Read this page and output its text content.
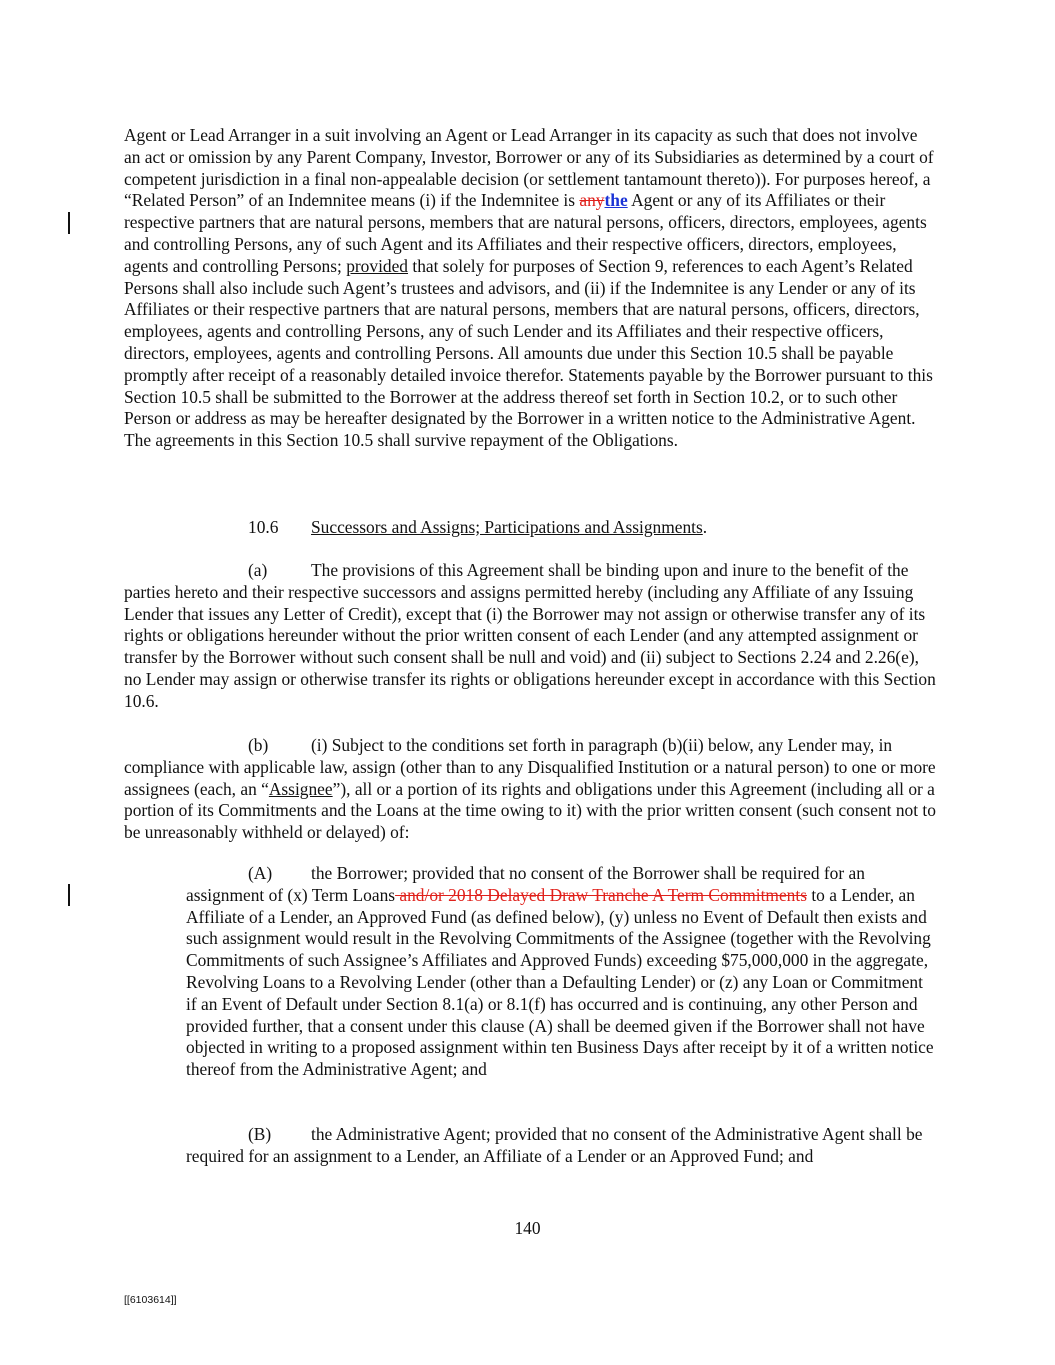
Agent or Lead Arranger in a suit involving an Agent or Lead Arranger in its capacity as such that does not involve an act or omission by any Parent Company, Investor, Borrower or any of its Subsidiaries as determined by a court of competent jurisdiction in a final non-appealable decision (or settlement tantamount thereto)). For purposes hereof, a “Related Person” of an Indemnitee means (i) if the Indemnitee is anythe Agent or any of its Affiliates or their respective partners that are natural persons, members that are natural persons, officers, directors, employees, agents and controlling Persons, any of such Agent and its Affiliates and their respective officers, directors, employees, agents and controlling Persons; provided that solely for purposes of Section 9, references to each Agent’s Related Persons shall also include such Agent’s trustees and advisors, and (ii) if the Indemnitee is any Lender or any of its Affiliates or their respective partners that are natural persons, members that are natural persons, officers, directors, employees, agents and controlling Persons, any of such Lender and its Affiliates and their respective officers, directors, employees, agents and controlling Persons. All amounts due under this Section 10.5 shall be payable promptly after receipt of a reasonably detailed invoice therefor. Statements payable by the Borrower pursuant to this Section 10.5 shall be submitted to the Borrower at the address thereof set forth in Section 10.2, or to such other Person or address as may be hereafter designated by the Borrower in a written notice to the Administrative Agent. The agreements in this Section 10.5 shall survive repayment of the Obligations.

10.6 Successors and Assigns; Participations and Assignments.

(a)	The provisions of this Agreement shall be binding upon and inure to the benefit of the parties hereto and their respective successors and assigns permitted hereby (including any Affiliate of any Issuing Lender that issues any Letter of Credit), except that (i) the Borrower may not assign or otherwise transfer any of its rights or obligations hereunder without the prior written consent of each Lender (and any attempted assignment or transfer by the Borrower without such consent shall be null and void) and (ii) subject to Sections 2.24 and 2.26(e), no Lender may assign or otherwise transfer its rights or obligations hereunder except in accordance with this Section 10.6.

(b) (i) Subject to the conditions set forth in paragraph (b)(ii) below, any Lender may, in compliance with applicable law, assign (other than to any Disqualified Institution or a natural person) to one or more assignees (each, an “Assignee”), all or a portion of its rights and obligations under this Agreement (including all or a portion of its Commitments and the Loans at the time owing to it) with the prior written consent (such consent not to be unreasonably withheld or delayed) of:

(A) the Borrower; provided that no consent of the Borrower shall be required for an assignment of (x) Term Loans and/or 2018 Delayed Draw Tranche A Term Commitments to a Lender, an Affiliate of a Lender, an Approved Fund (as defined below), (y) unless no Event of Default then exists and such assignment would result in the Revolving Commitments of the Assignee (together with the Revolving Commitments of such Assignee’s Affiliates and Approved Funds) exceeding $75,000,000 in the aggregate, Revolving Loans to a Revolving Lender (other than a Defaulting Lender) or (z) any Loan or Commitment if an Event of Default under Section 8.1(a) or 8.1(f) has occurred and is continuing, any other Person and provided further, that a consent under this clause (A) shall be deemed given if the Borrower shall not have objected in writing to a proposed assignment within ten Business Days after receipt by it of a written notice thereof from the Administrative Agent; and

(B) the Administrative Agent; provided that no consent of the Administrative Agent shall be required for an assignment to a Lender, an Affiliate of a Lender or an Approved Fund; and

140
[[6103614]]
